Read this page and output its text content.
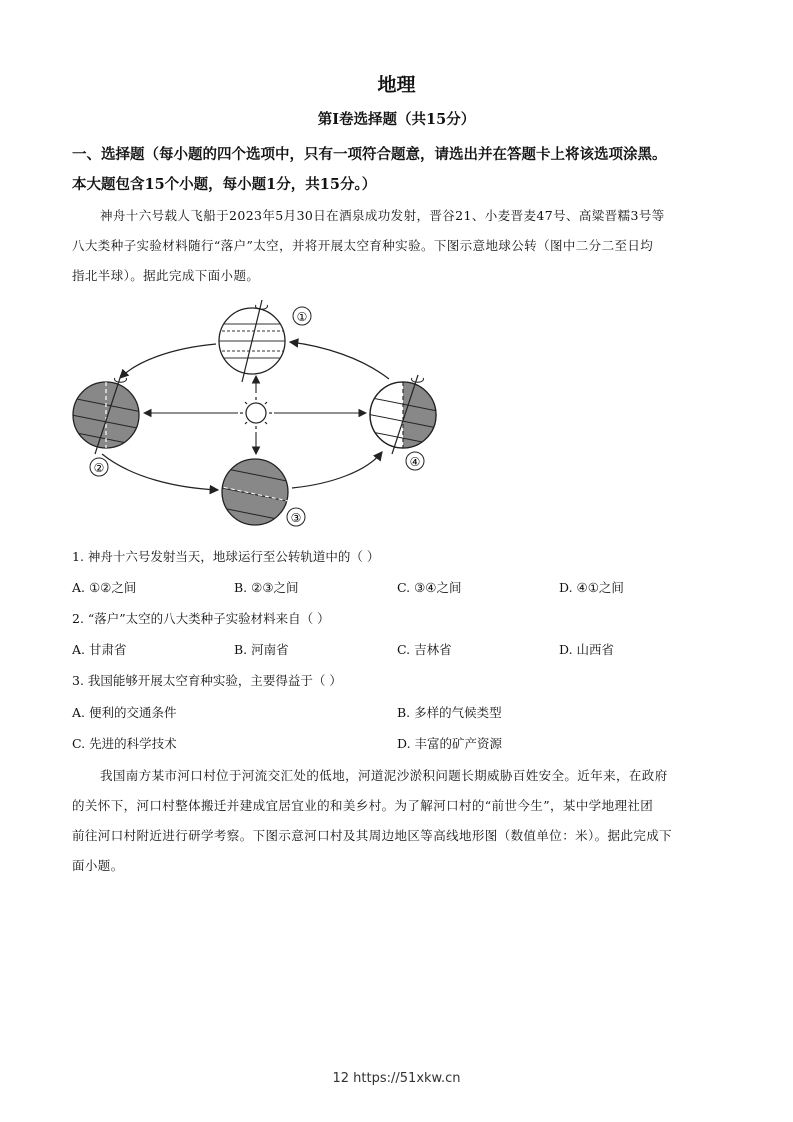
地理
第Ⅰ卷选择题（共15分）
一、选择题（每小题的四个选项中，只有一项符合题意，请选出并在答题卡上将该选项涂黑。
本大题包含15个小题，每小题1分，共15分。）
神舟十六号载人飞船于2023年5月30日在酒泉成功发射，晋谷21、小麦晋麦47号、高粱晋糯3号等
八大类种子实验材料随行“落户”太空，并将开展太空育种实验。下图示意地球公转（图中二分二至日均
指北半球）。据此完成下面小题。
①
②
③
④
1. 神舟十六号发射当天，地球运行至公转轨道中的（ ）
A. ①②之间	B. ②③之间	C. ③④之间	D. ④①之间
2. “落户”太空的八大类种子实验材料来自（ ）
A. 甘肃省	B. 河南省	C. 吉林省	D. 山西省
3. 我国能够开展太空育种实验，主要得益于（ ）
A. 便利的交通条件	B. 多样的气候类型
C. 先进的科学技术	D. 丰富的矿产资源
我国南方某市河口村位于河流交汇处的低地，河道泥沙淤积问题长期威胁百姓安全。近年来，在政府
的关怀下，河口村整体搬迁并建成宜居宜业的和美乡村。为了解河口村的“前世今生”，某中学地理社团
前往河口村附近进行研学考察。下图示意河口村及其周边地区等高线地形图（数值单位：米）。据此完成下
面小题。
12 https://51xkw.cn
